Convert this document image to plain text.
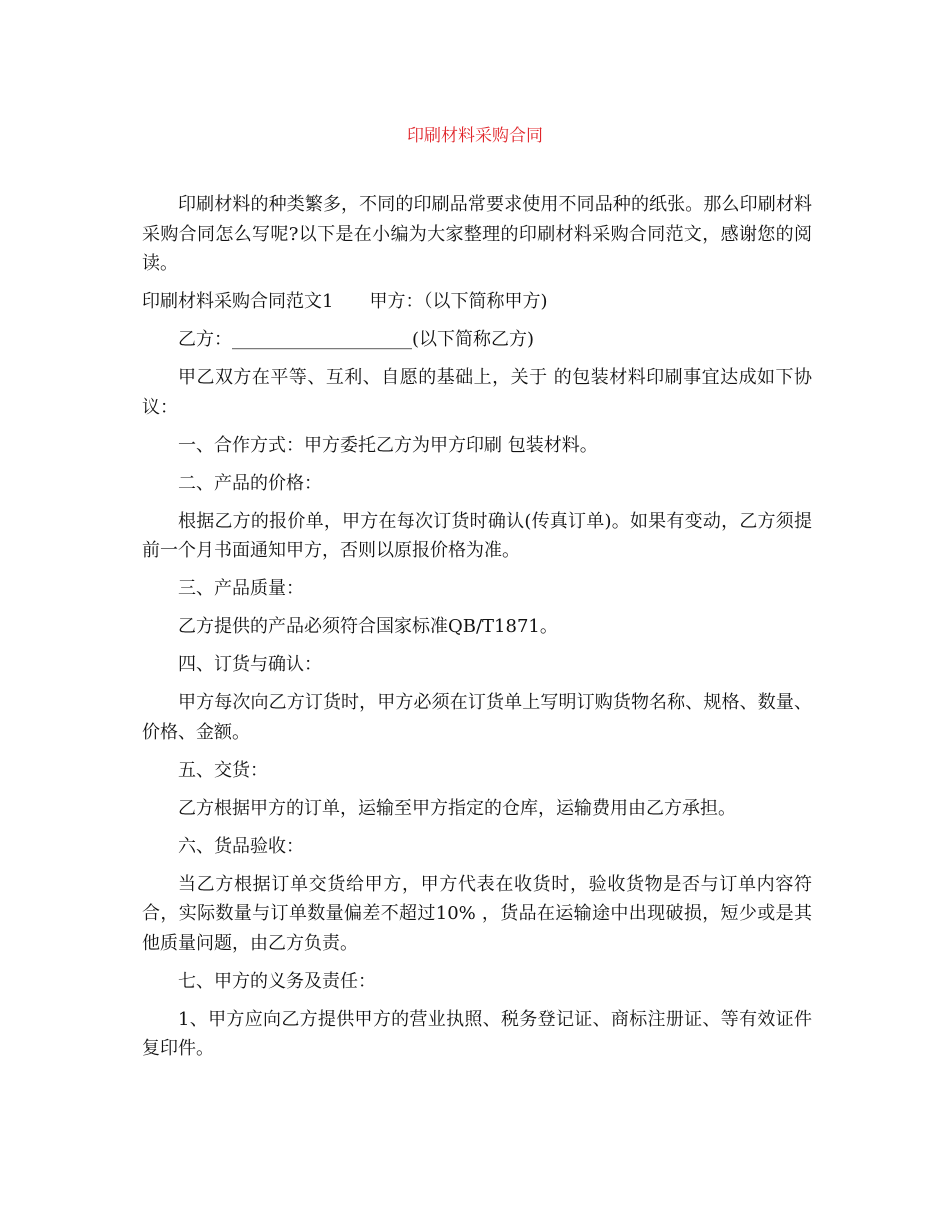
印刷材料采购合同

印刷材料的种类繁多，不同的印刷品常要求使用不同品种的纸张。那么印刷材料采购合同怎么写呢?以下是在小编为大家整理的印刷材料采购合同范文，感谢您的阅读。

印刷材料采购合同范文1 甲方：（以下简称甲方)

乙方：____________________(以下简称乙方)

甲乙双方在平等、互利、自愿的基础上，关于 的包装材料印刷事宜达成如下协议：

一、合作方式：甲方委托乙方为甲方印刷 包装材料。

二、产品的价格：

根据乙方的报价单，甲方在每次订货时确认(传真订单)。如果有变动，乙方须提前一个月书面通知甲方，否则以原报价格为准。

三、产品质量：

乙方提供的产品必须符合国家标准QB/T1871。

四、订货与确认：

甲方每次向乙方订货时，甲方必须在订货单上写明订购货物名称、规格、数量、价格、金额。

五、交货：

乙方根据甲方的订单，运输至甲方指定的仓库，运输费用由乙方承担。

六、货品验收：

当乙方根据订单交货给甲方，甲方代表在收货时，验收货物是否与订单内容符合，实际数量与订单数量偏差不超过10% ，货品在运输途中出现破损，短少或是其他质量问题，由乙方负责。

七、甲方的义务及责任：

1、甲方应向乙方提供甲方的营业执照、税务登记证、商标注册证、等有效证件复印件。
